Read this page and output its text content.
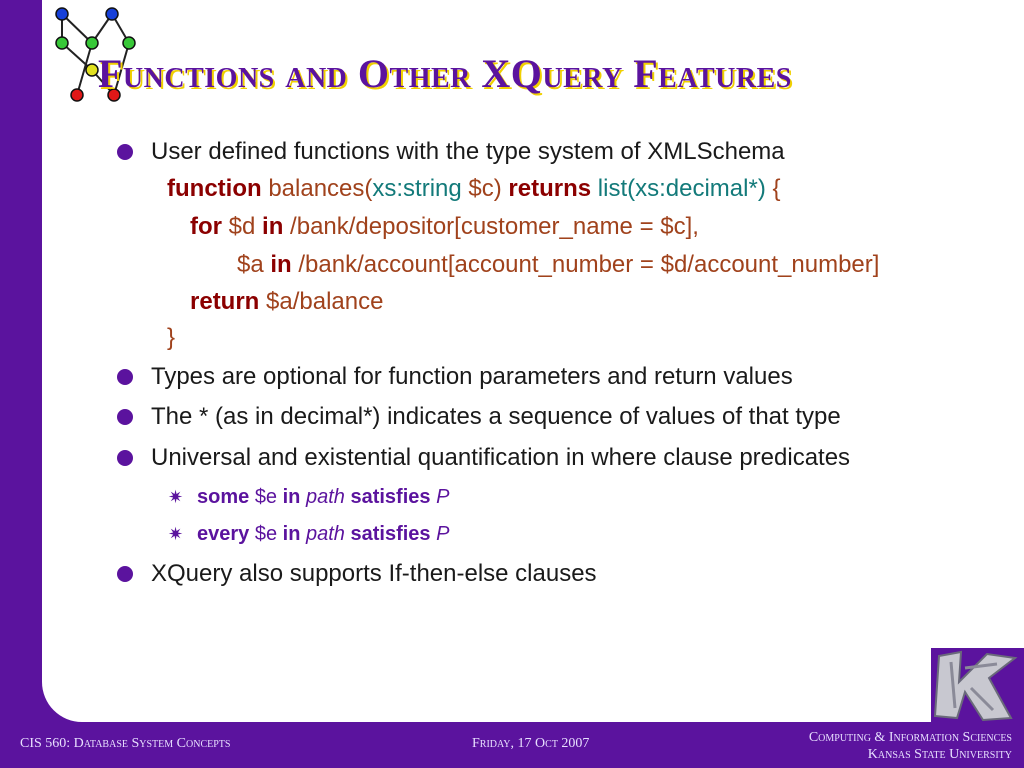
Functions and Other XQuery Features
User defined functions with the type system of XMLSchema
function balances(xs:string $c) returns list(xs:decimal*) {
for $d in /bank/depositor[customer_name = $c],
$a in /bank/account[account_number = $d/account_number]
return $a/balance
}
Types are optional for function parameters and return values
The * (as in decimal*) indicates a sequence of values of that type
Universal and existential quantification in where clause predicates
✷ some $e in path satisfies P
✷ every $e in path satisfies P
XQuery also supports If-then-else clauses
CIS 560: Database System Concepts	Friday, 17 Oct 2007	Computing & Information Sciences
Kansas State University
